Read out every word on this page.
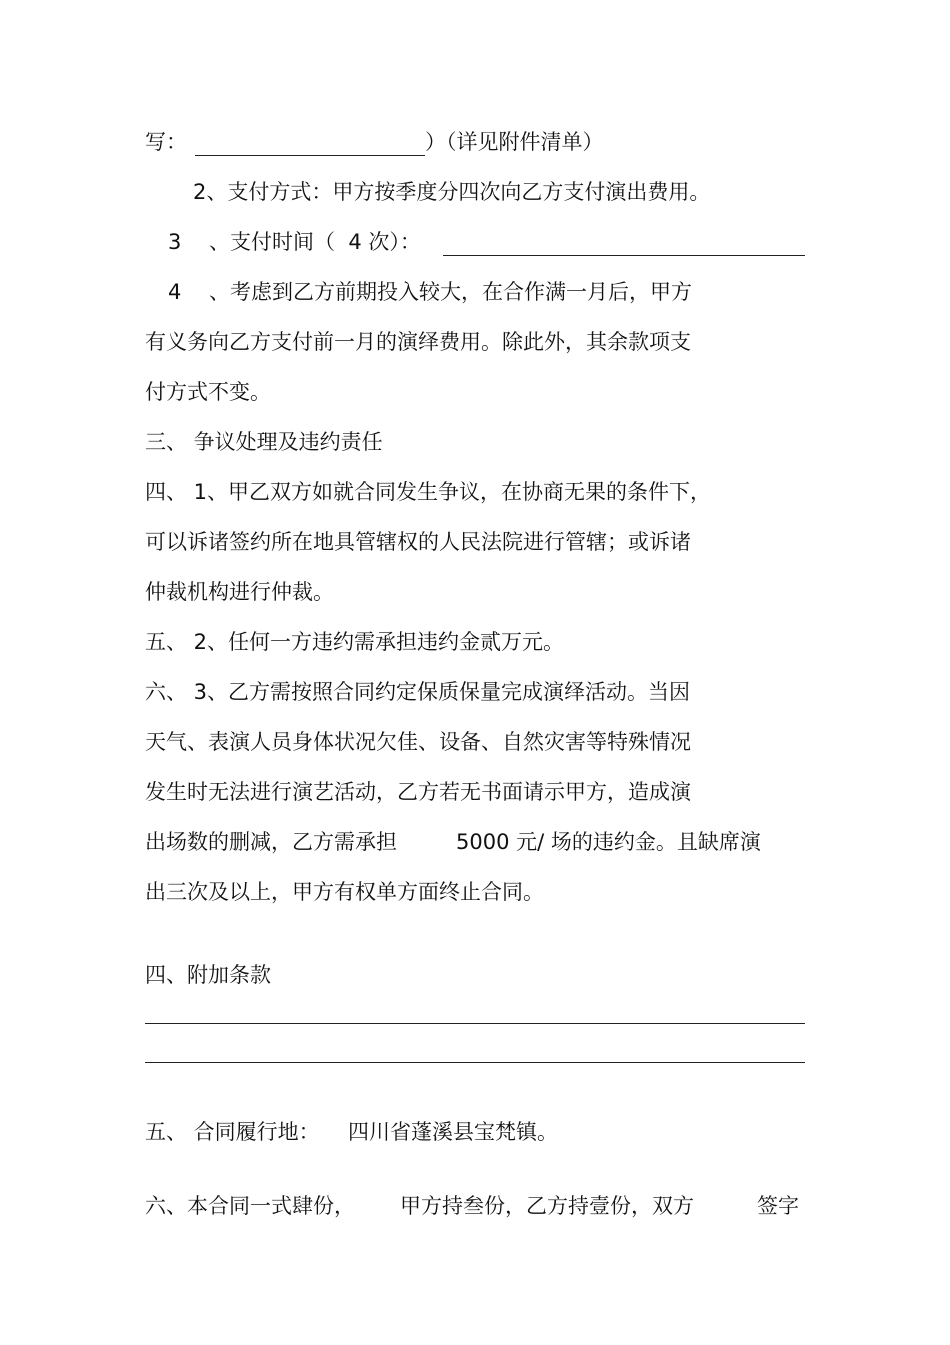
写：	）（详见附件清单）
2、支付方式：甲方按季度分四次向乙方支付演出费用。
3 、支付时间（  4 次）：
4 、考虑到乙方前期投入较大，在合作满一月后，甲方
有义务向乙方支付前一月的演绎费用。除此外，其余款项支
付方式不变。
三、 争议处理及违约责任
四、 1、甲乙双方如就合同发生争议，在协商无果的条件下，
可以诉诸签约所在地具管辖权的人民法院进行管辖；或诉诸
仲裁机构进行仲裁。
五、 2、任何一方违约需承担违约金贰万元。
六、 3、乙方需按照合同约定保质保量完成演绎活动。当因
天气、表演人员身体状况欠佳、设备、自然灾害等特殊情况
发生时无法进行演艺活动，乙方若无书面请示甲方，造成演
出场数的删减，乙方需承担	5000 元/ 场的违约金。且缺席演
出三次及以上，甲方有权单方面终止合同。
四、附加条款
五、 合同履行地： 四川省蓬溪县宝梵镇。
六、本合同一式肆份， 甲方持叁份，乙方持壹份，双方	签字
